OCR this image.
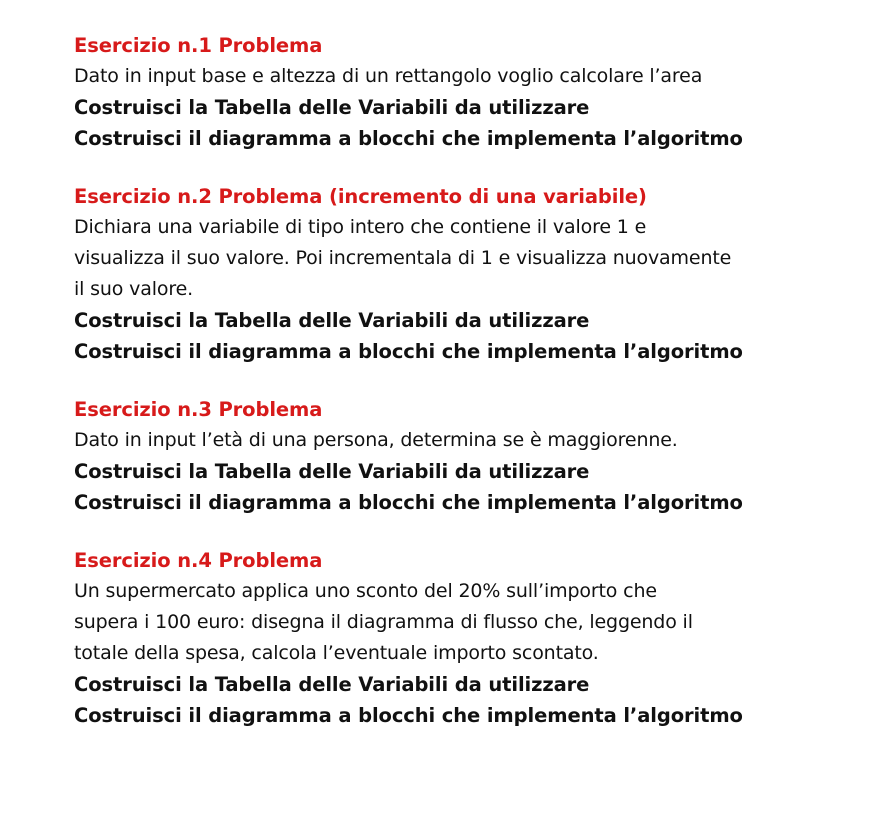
Esercizio n.1 Problema
Dato in input base e altezza di un rettangolo voglio calcolare l’area
Costruisci la Tabella delle Variabili da utilizzare
Costruisci il diagramma a blocchi che implementa l’algoritmo
Esercizio n.2 Problema (incremento di una variabile)
Dichiara una variabile di tipo intero che contiene il valore 1 e
visualizza il suo valore. Poi incrementala di 1 e visualizza nuovamente
il suo valore.
Costruisci la Tabella delle Variabili da utilizzare
Costruisci il diagramma a blocchi che implementa l’algoritmo
Esercizio n.3 Problema
Dato in input l’età di una persona, determina se è maggiorenne.
Costruisci la Tabella delle Variabili da utilizzare
Costruisci il diagramma a blocchi che implementa l’algoritmo
Esercizio n.4 Problema
Un supermercato applica uno sconto del 20% sull’importo che
supera i 100 euro: disegna il diagramma di flusso che, leggendo il
totale della spesa, calcola l’eventuale importo scontato.
Costruisci la Tabella delle Variabili da utilizzare
Costruisci il diagramma a blocchi che implementa l’algoritmo
